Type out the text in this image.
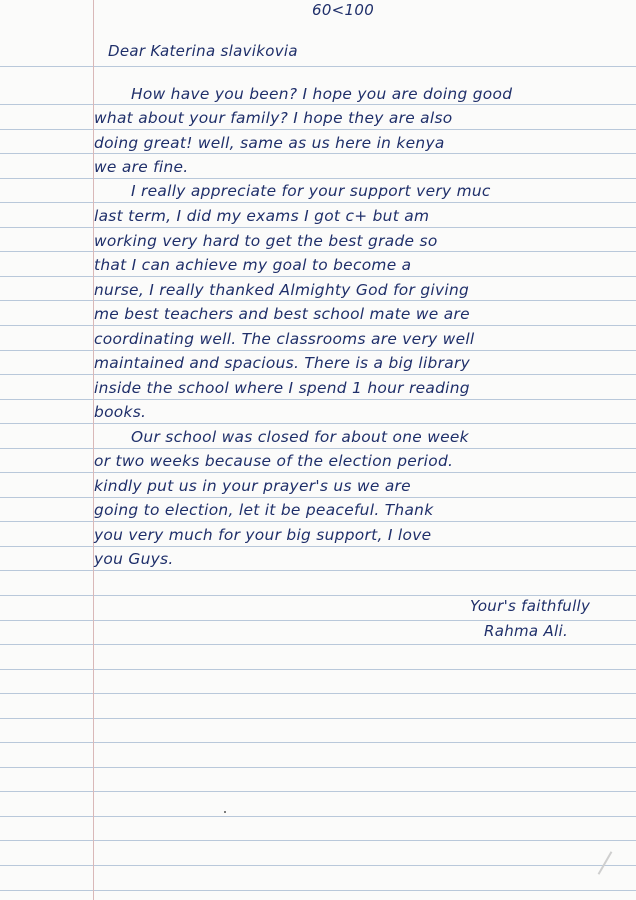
60<100
Dear Katerina slavikovia
How have you been? I hope you are doing good
what about your family? I hope they are also
doing great! well, same as us here in kenya
we are fine.
I really appreciate for your support very muc
last term, I did my exams I got c+ but am
working very hard to get the best grade so
that I can achieve my goal to become a
nurse, I really thanked Almighty God for giving
me best teachers and best school mate we are
coordinating well. The classrooms are very well
maintained and spacious. There is a big library
inside the school where I spend 1 hour reading
books.
Our school was closed for about one week
or two weeks because of the election period.
kindly put us in your prayer's us we are
going to election, let it be peaceful. Thank
you very much for your big support, I love
you Guys.
Your's faithfully
Rahma Ali.
